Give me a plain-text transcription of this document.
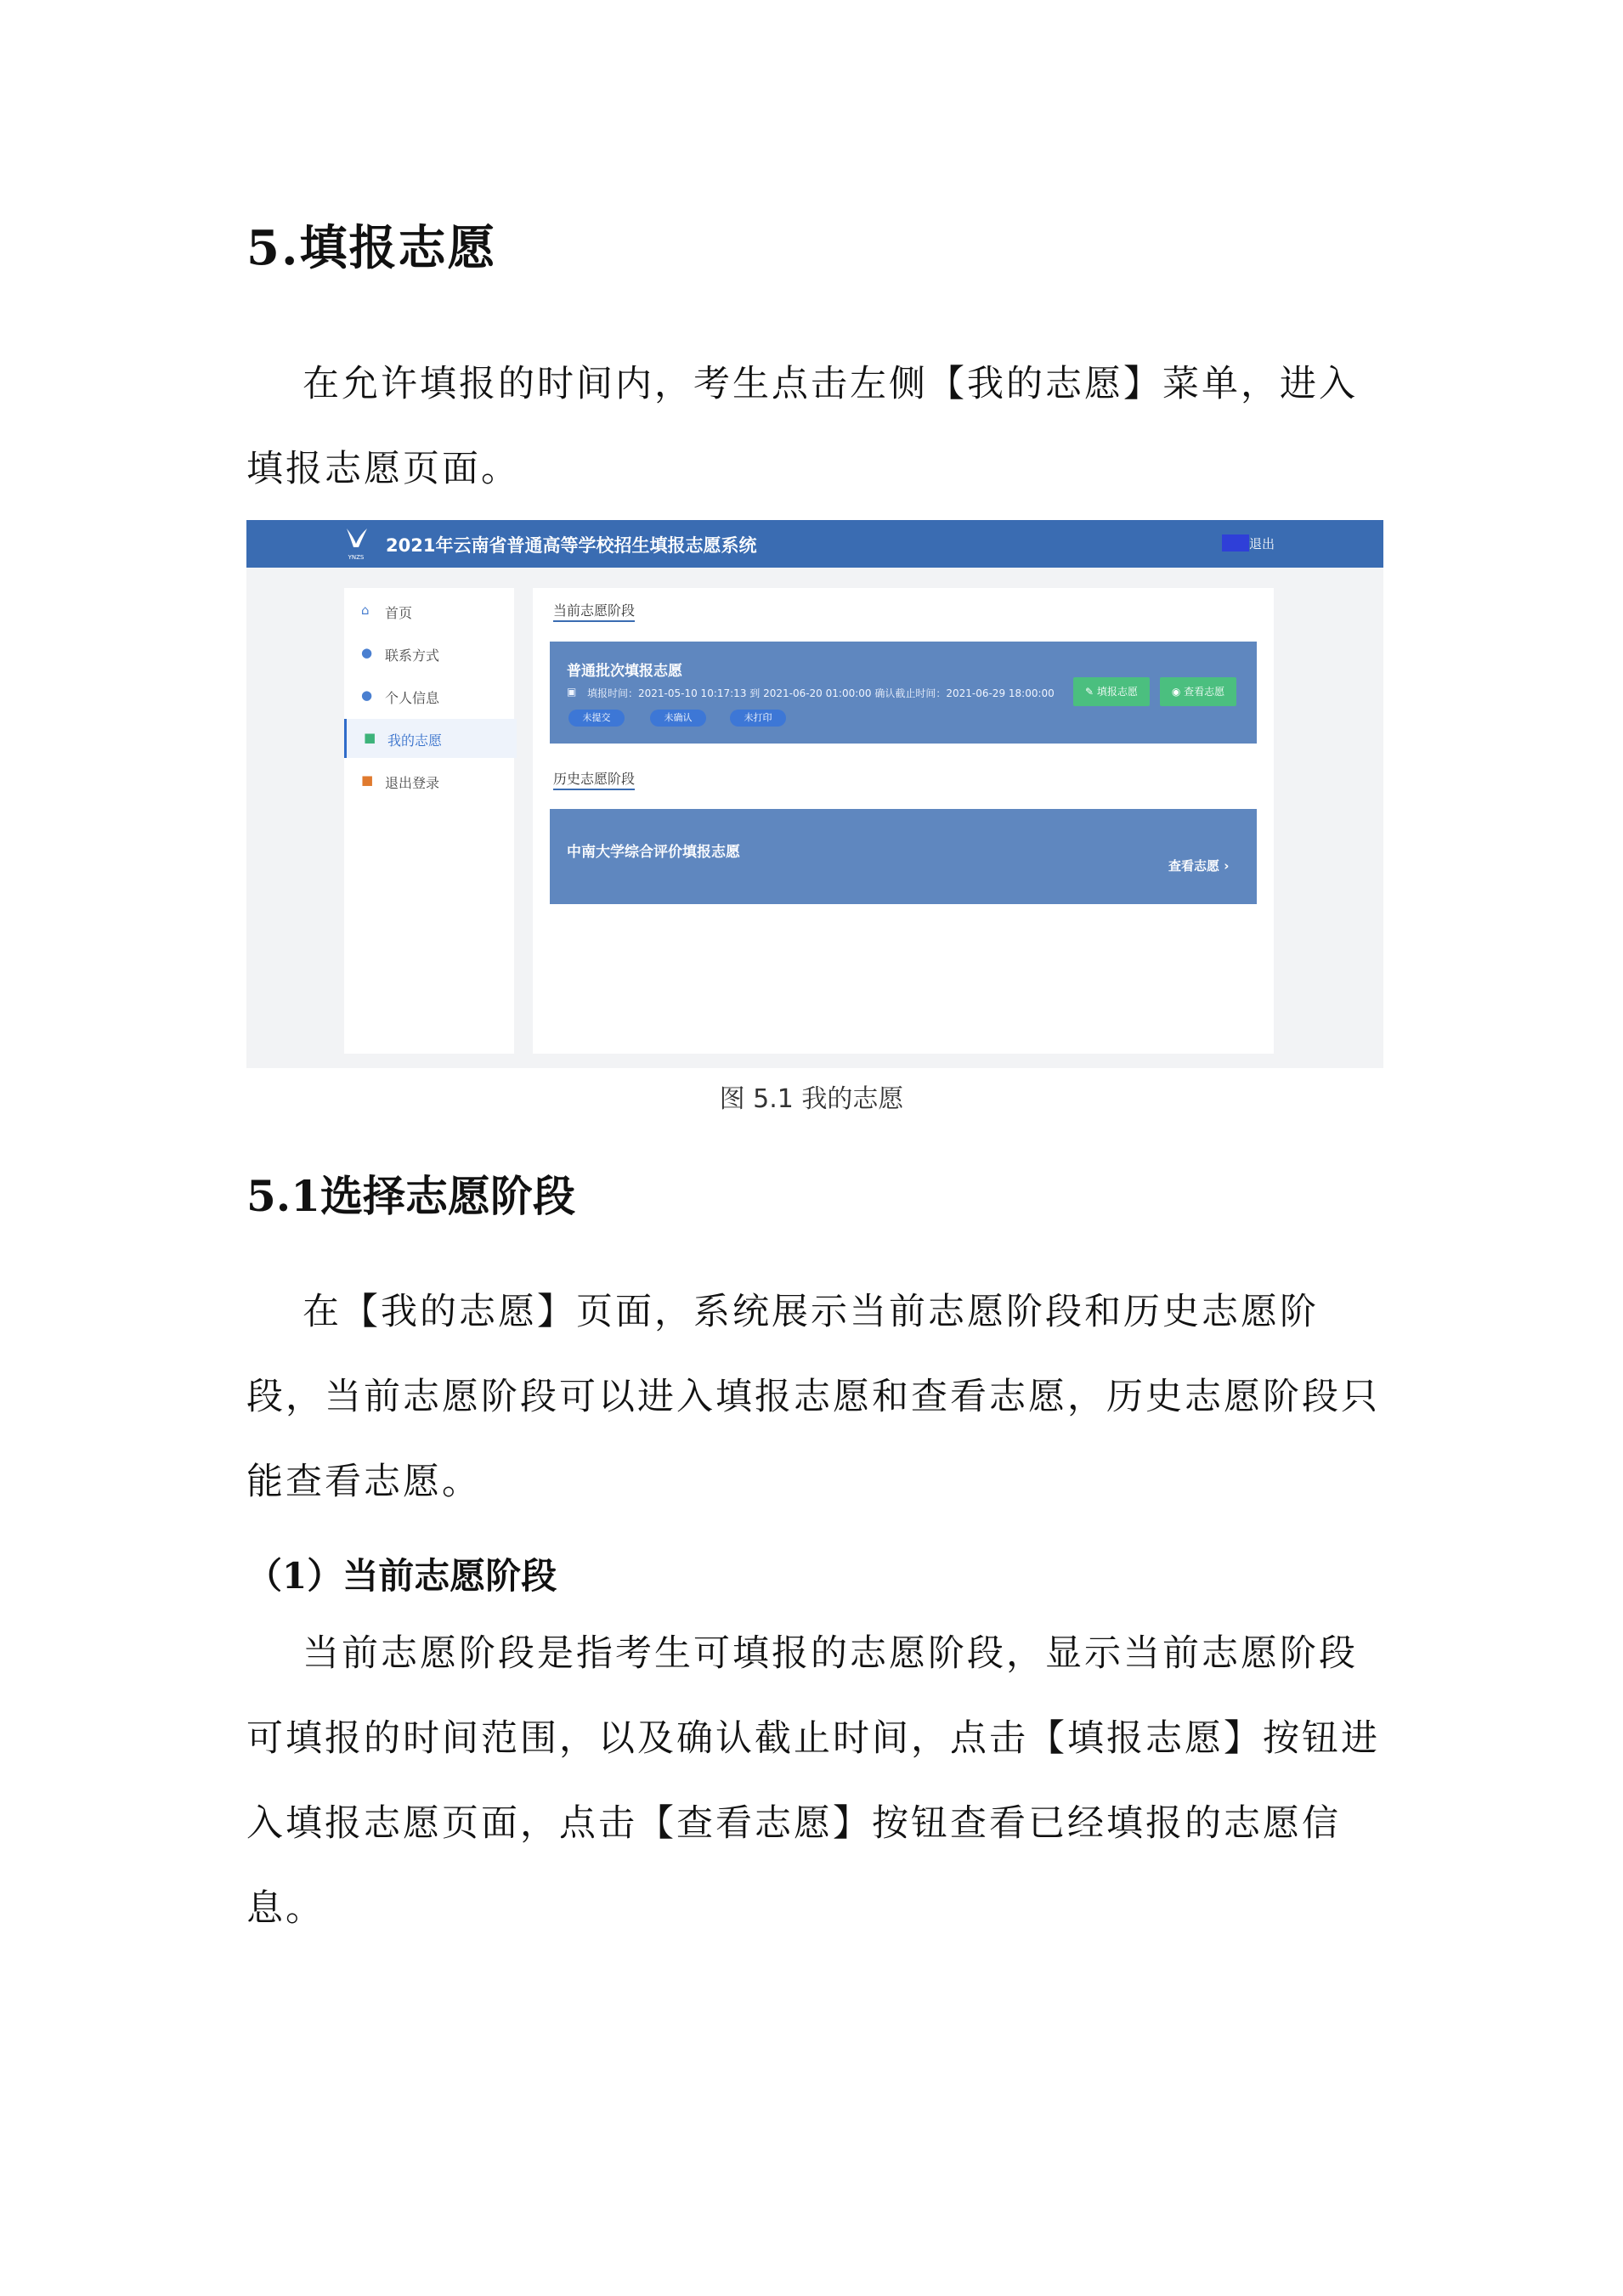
5.填报志愿
在允许填报的时间内，考生点击左侧【我的志愿】菜单，进入填报志愿页面。
YNZS
2021年云南省普通高等学校招生填报志愿系统	退出
⌂ 首页
● 联系方式
● 个人信息
■ 我的志愿
■ 退出登录
当前志愿阶段
普通批次填报志愿
▣ 填报时间：2021-05-10 10:17:13 到 2021-06-20 01:00:00 确认截止时间：2021-06-29 18:00:00
未提交	未确认	未打印
✎ 填报志愿	◉ 查看志愿
历史志愿阶段
中南大学综合评价填报志愿
查看志愿 ›
图 5.1 我的志愿
5.1选择志愿阶段
在【我的志愿】页面，系统展示当前志愿阶段和历史志愿阶段，当前志愿阶段可以进入填报志愿和查看志愿，历史志愿阶段只能查看志愿。
（1）当前志愿阶段
当前志愿阶段是指考生可填报的志愿阶段，显示当前志愿阶段可填报的时间范围，以及确认截止时间，点击【填报志愿】按钮进入填报志愿页面，点击【查看志愿】按钮查看已经填报的志愿信息。
